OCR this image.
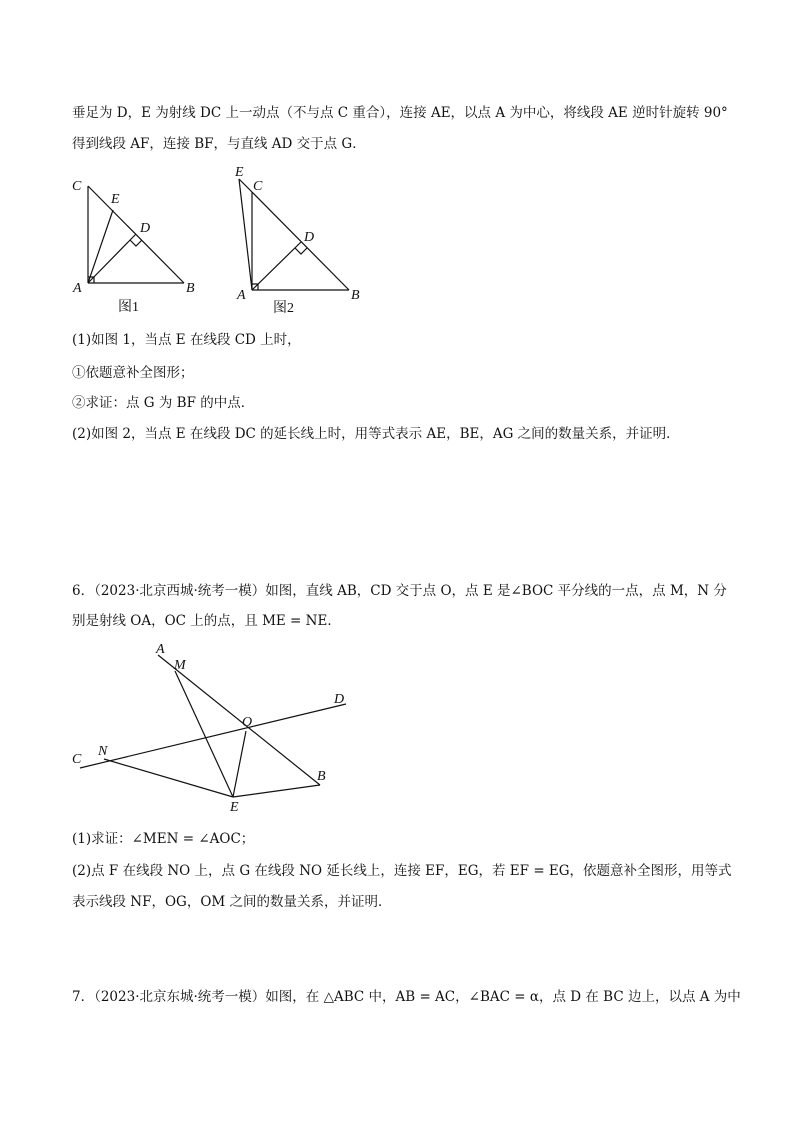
垂足为 D，E 为射线 DC 上一动点（不与点 C 重合），连接 AE，以点 A 为中心，将线段 AE 逆时针旋转 90°
得到线段 AF，连接 BF，与直线 AD 交于点 G．
C
E
D
A	B
图1
E
C
D
A	B
图2
(1)如图 1，当点 E 在线段 CD 上时，
①依题意补全图形；
②求证：点 G 为 BF 的中点．
(2)如图 2，当点 E 在线段 DC 的延长线上时，用等式表示 AE，BE，AG 之间的数量关系，并证明．
6．（2023·北京西城·统考一模）如图，直线 AB，CD 交于点 O，点 E 是∠BOC 平分线的一点，点 M，N 分
别是射线 OA，OC 上的点，且 ME = NE．
A
M
D
O
C
N
B
E
(1)求证：∠MEN = ∠AOC；
(2)点 F 在线段 NO 上，点 G 在线段 NO 延长线上，连接 EF，EG，若 EF = EG，依题意补全图形，用等式
表示线段 NF，OG，OM 之间的数量关系，并证明．
7．（2023·北京东城·统考一模）如图，在 △ABC 中，AB = AC，∠BAC = α，点 D 在 BC 边上，以点 A 为中
